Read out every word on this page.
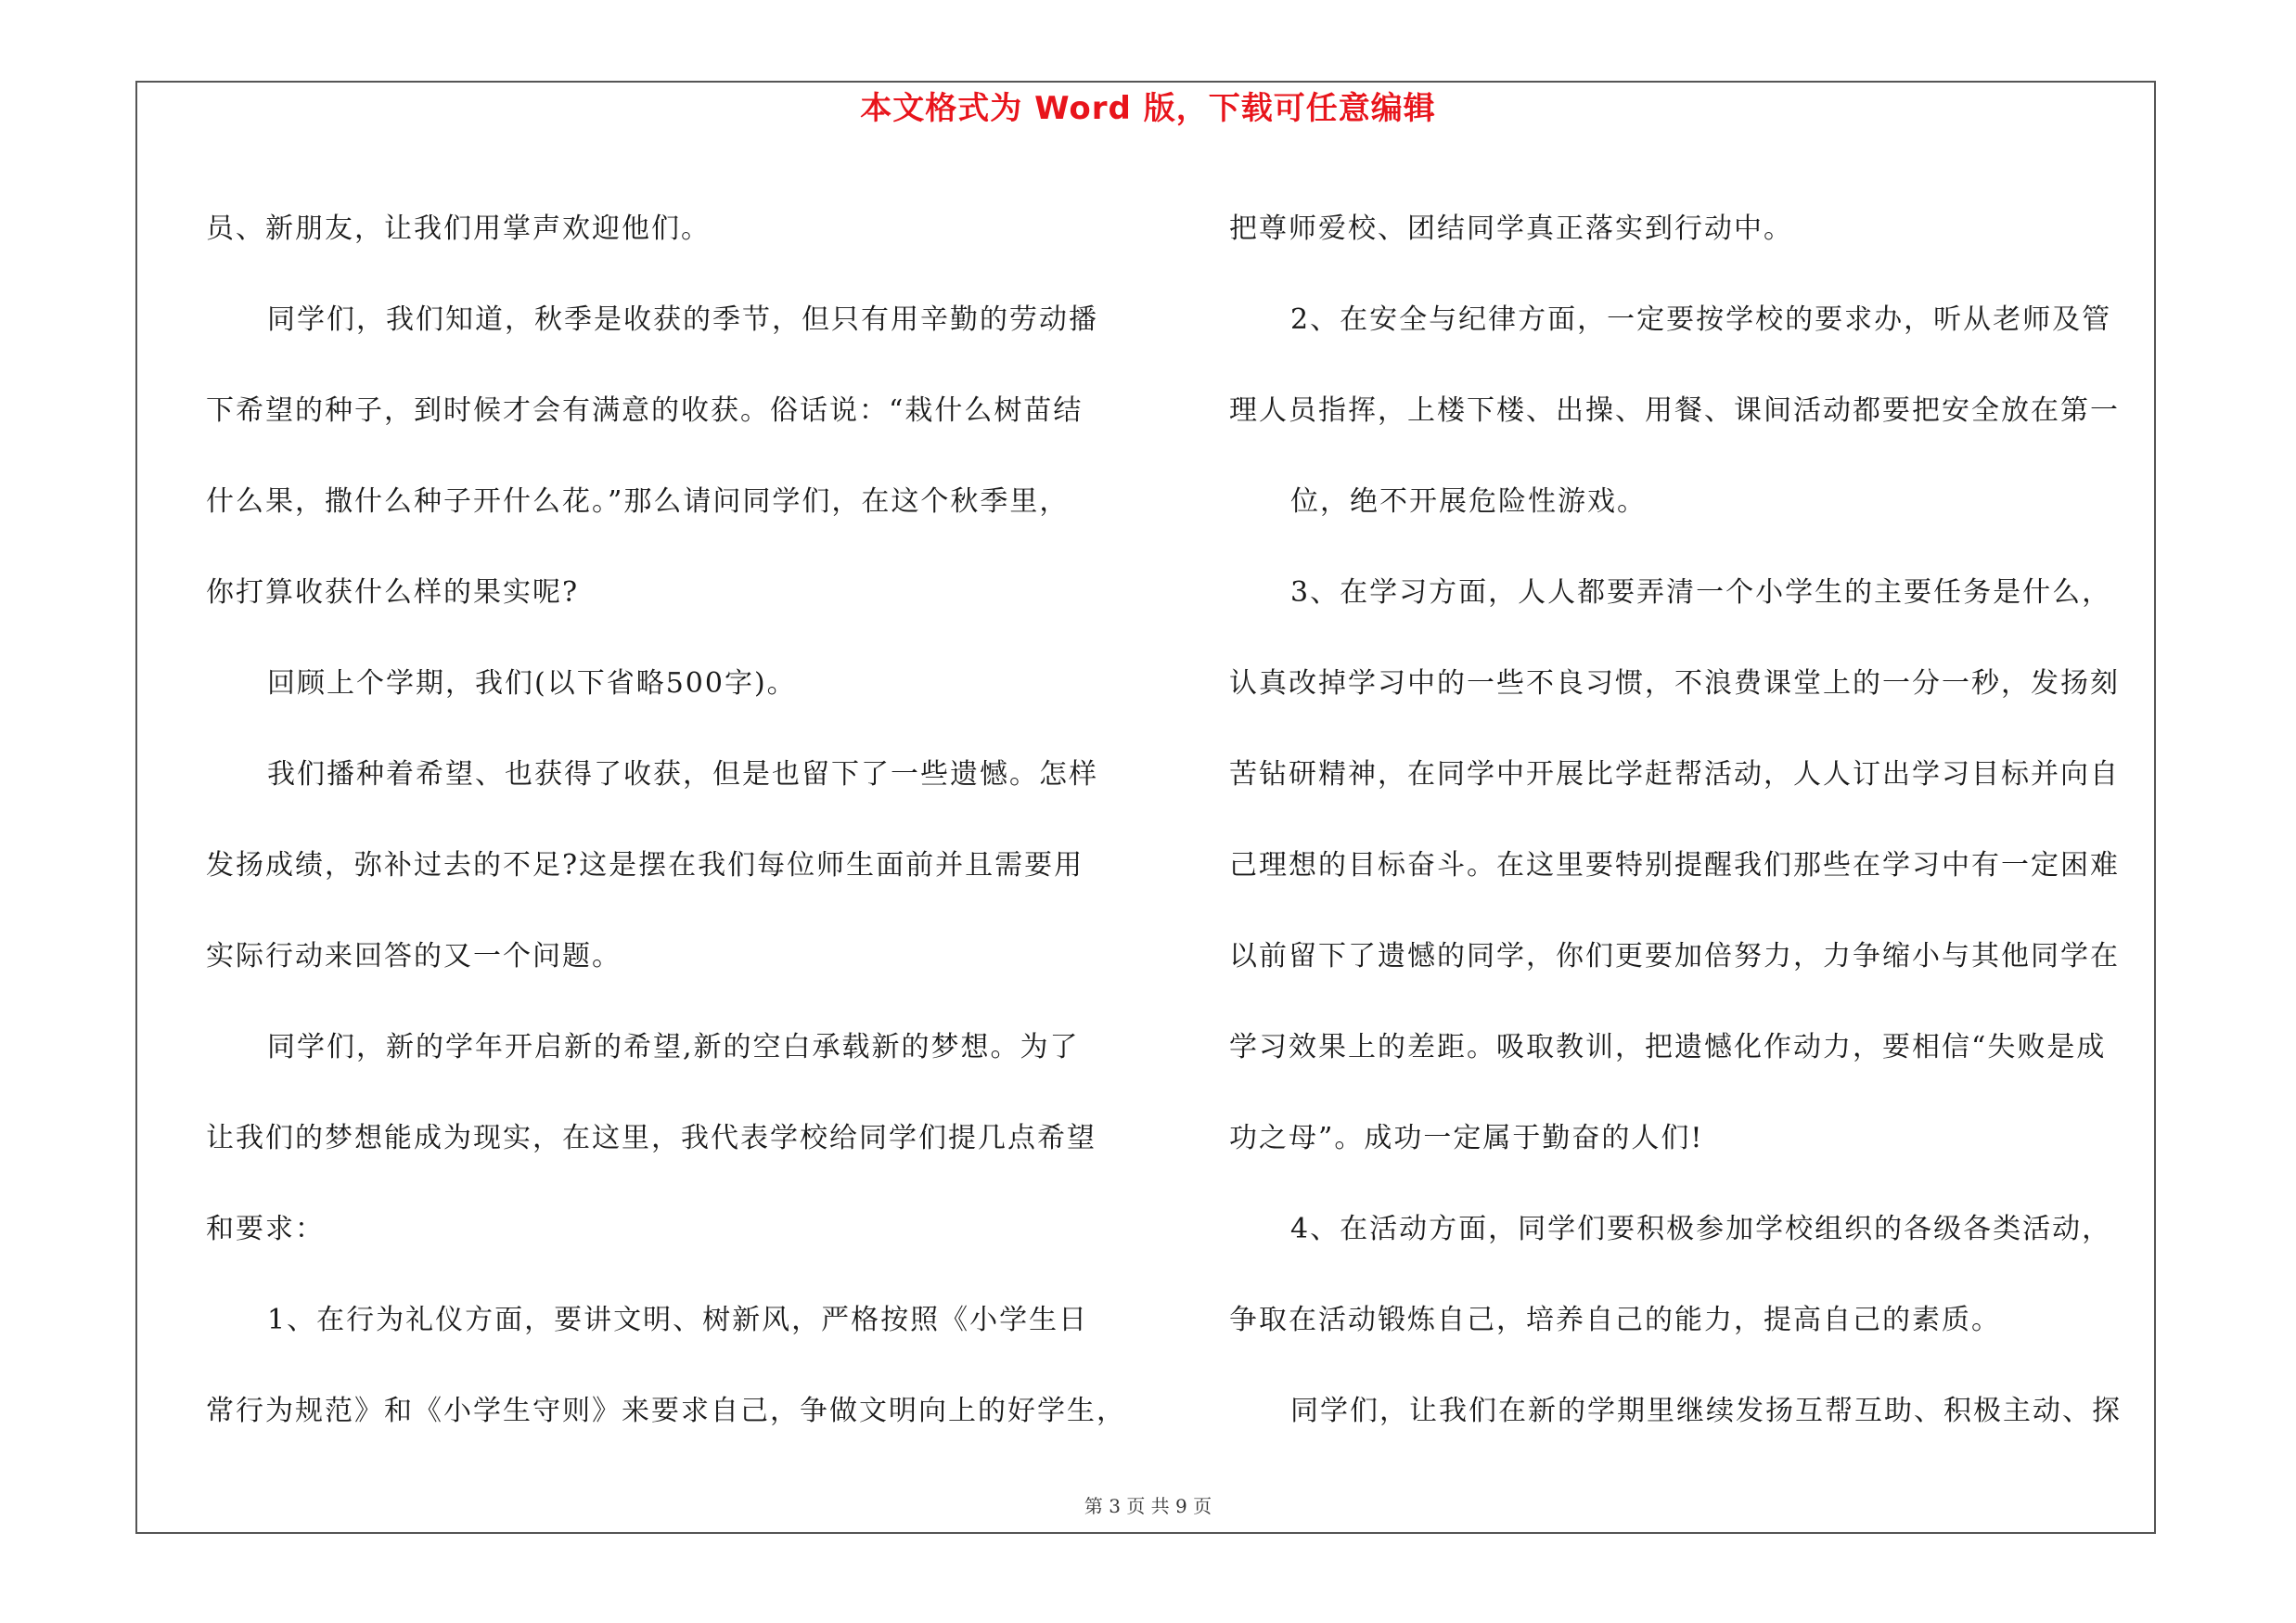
本文格式为 Word 版，下载可任意编辑
员、新朋友，让我们用掌声欢迎他们。
同学们，我们知道，秋季是收获的季节，但只有用辛勤的劳动播
下希望的种子，到时候才会有满意的收获。俗话说：“栽什么树苗结
什么果，撒什么种子开什么花。”那么请问同学们，在这个秋季里，
你打算收获什么样的果实呢?
回顾上个学期，我们(以下省略500字)。
我们播种着希望、也获得了收获，但是也留下了一些遗憾。怎样
发扬成绩，弥补过去的不足?这是摆在我们每位师生面前并且需要用
实际行动来回答的又一个问题。
同学们，新的学年开启新的希望,新的空白承载新的梦想。为了
让我们的梦想能成为现实，在这里，我代表学校给同学们提几点希望
和要求：
1、在行为礼仪方面，要讲文明、树新风，严格按照《小学生日
常行为规范》和《小学生守则》来要求自己，争做文明向上的好学生，
把尊师爱校、团结同学真正落实到行动中。
2、在安全与纪律方面，一定要按学校的要求办，听从老师及管
理人员指挥，上楼下楼、出操、用餐、课间活动都要把安全放在第一
位，绝不开展危险性游戏。
3、在学习方面，人人都要弄清一个小学生的主要任务是什么，
认真改掉学习中的一些不良习惯，不浪费课堂上的一分一秒，发扬刻
苦钻研精神，在同学中开展比学赶帮活动，人人订出学习目标并向自
己理想的目标奋斗。在这里要特别提醒我们那些在学习中有一定困难
以前留下了遗憾的同学，你们更要加倍努力，力争缩小与其他同学在
学习效果上的差距。吸取教训，把遗憾化作动力，要相信“失败是成
功之母”。成功一定属于勤奋的人们!
4、在活动方面，同学们要积极参加学校组织的各级各类活动，
争取在活动锻炼自己，培养自己的能力，提高自己的素质。
同学们，让我们在新的学期里继续发扬互帮互助、积极主动、探
第 3 页 共 9 页
